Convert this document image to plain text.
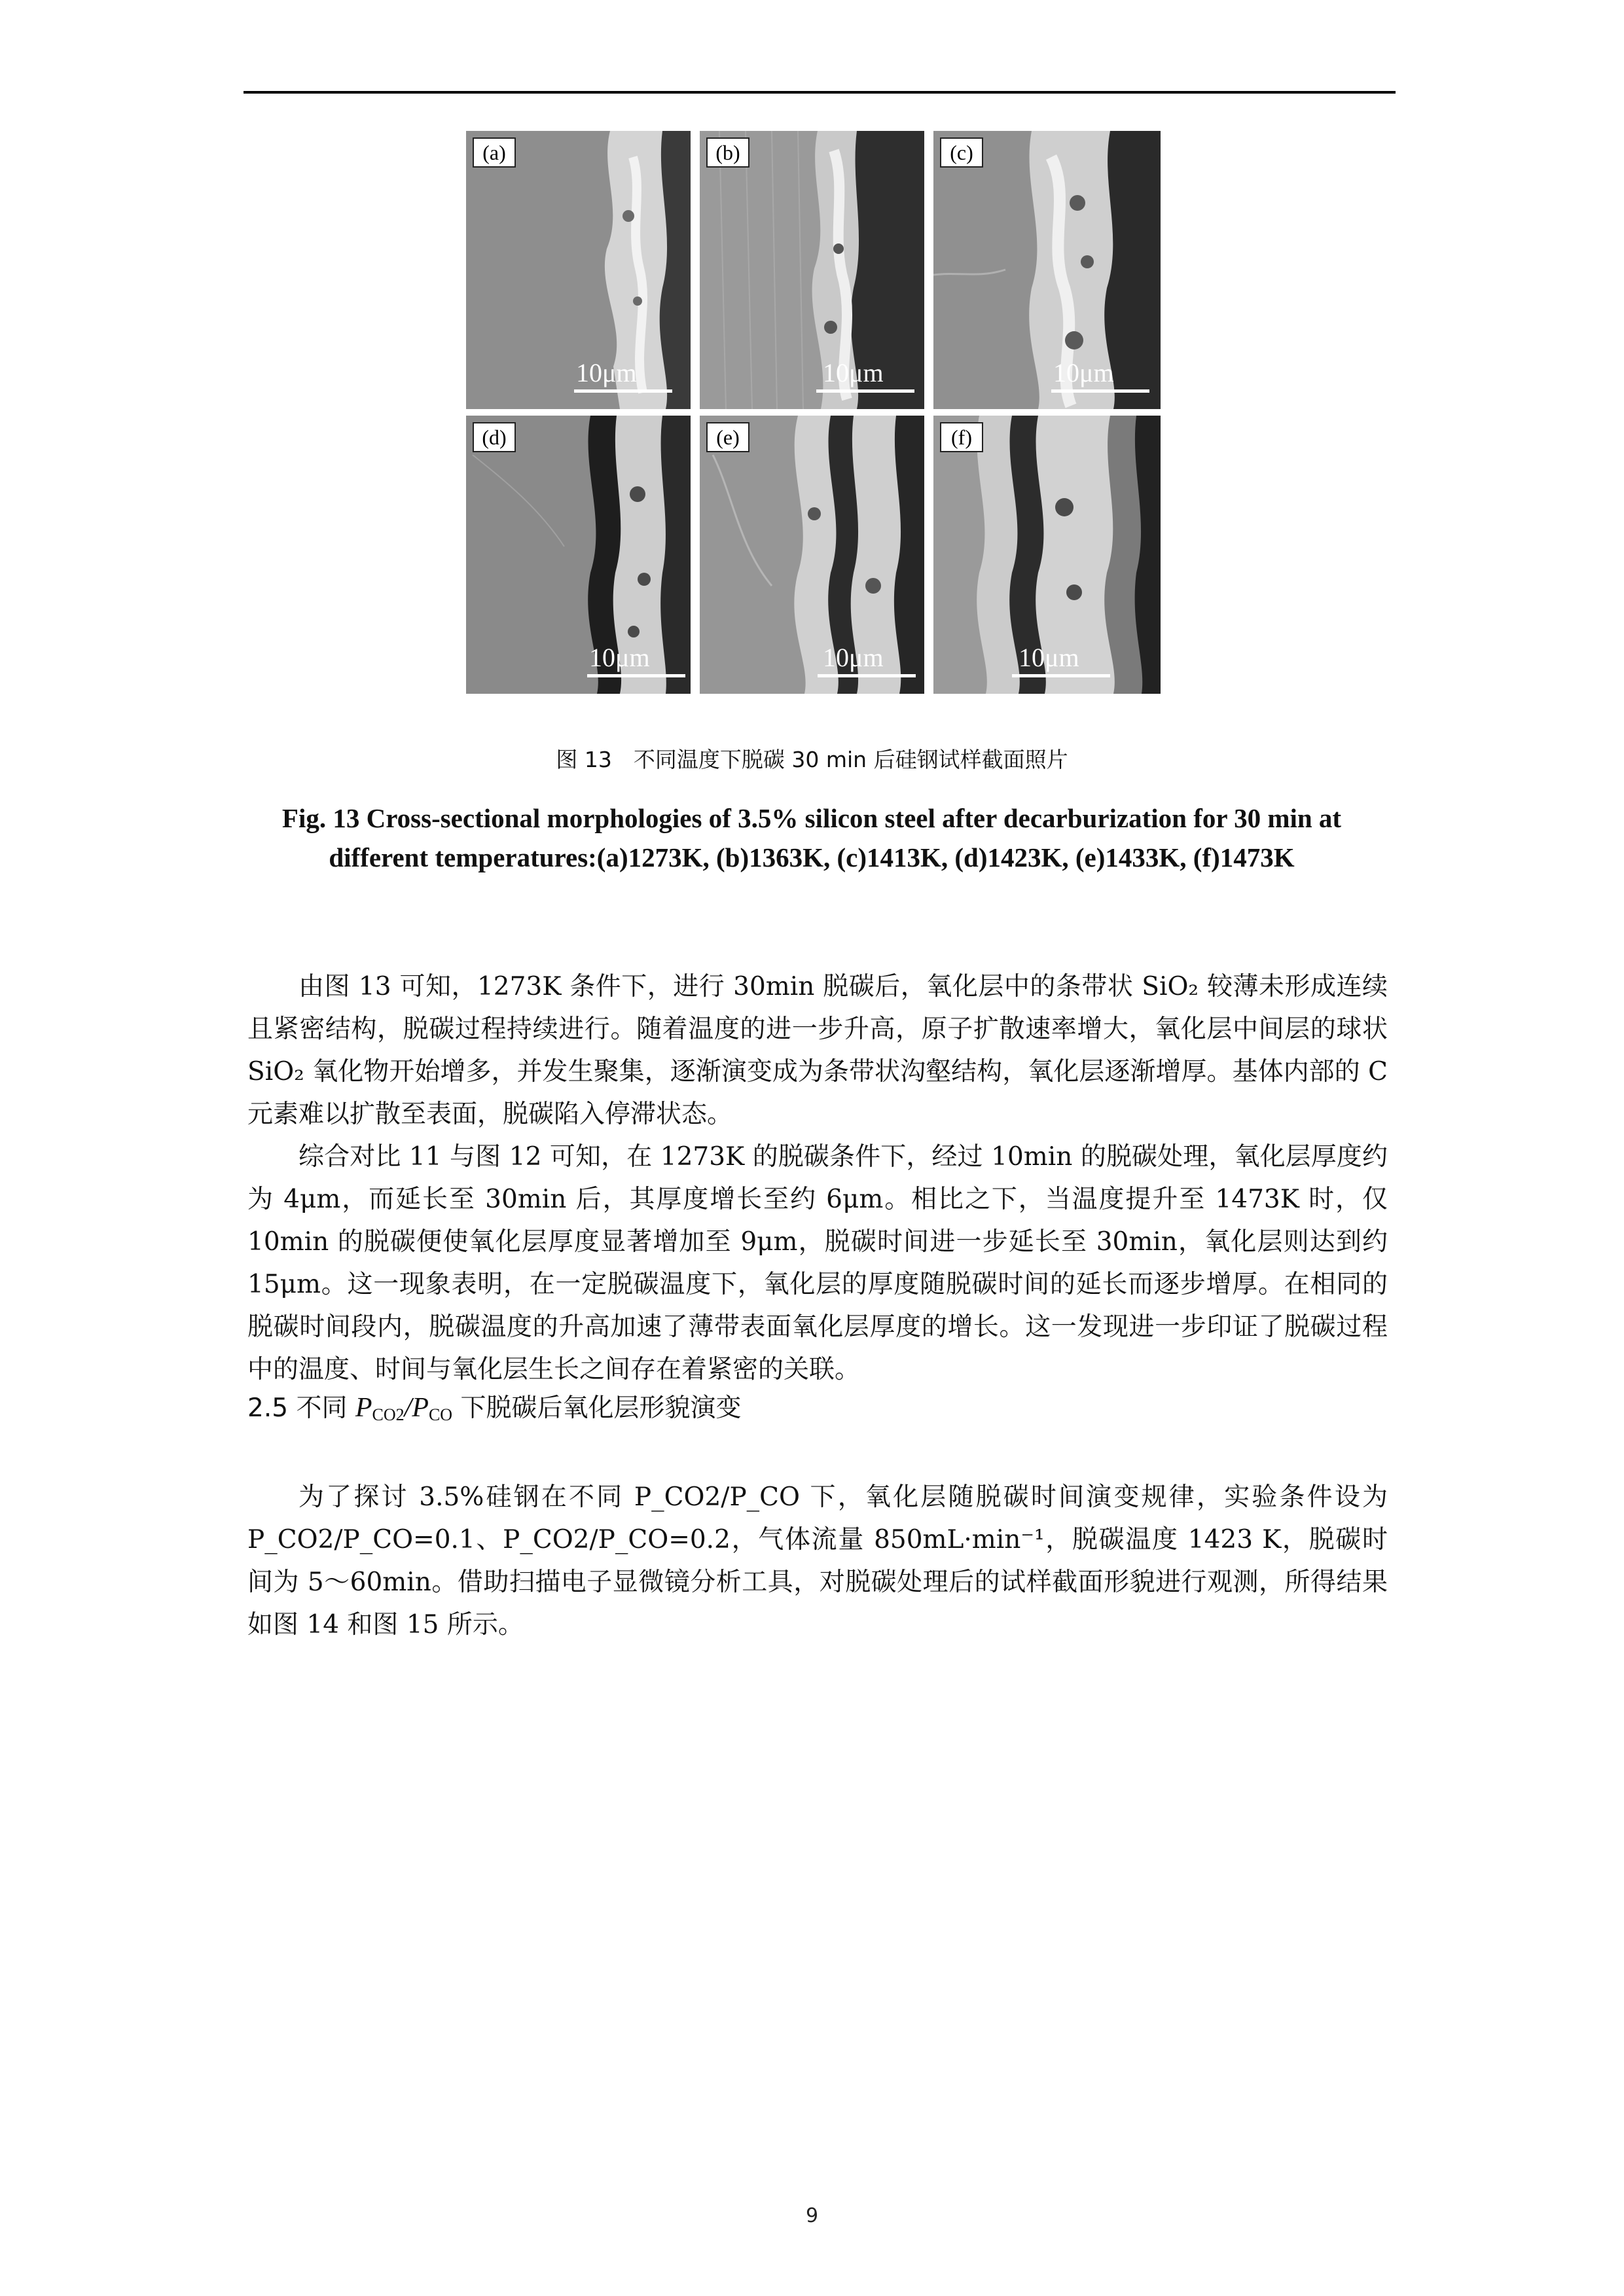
(a)
10μm
(b)
10μm
(c)
10μm
(d)
10μm
(e)
10μm
(f)
10μm
图 13　不同温度下脱碳 30 min 后硅钢试样截面照片
Fig. 13 Cross-sectional morphologies of 3.5% silicon steel after decarburization for 30 min at different temperatures:(a)1273K, (b)1363K, (c)1413K, (d)1423K, (e)1433K, (f)1473K

由图 13 可知，1273K 条件下，进行 30min 脱碳后，氧化层中的条带状 SiO₂ 较薄未形成连续且紧密结构，脱碳过程持续进行。随着温度的进一步升高，原子扩散速率增大，氧化层中间层的球状 SiO₂ 氧化物开始增多，并发生聚集，逐渐演变成为条带状沟壑结构，氧化层逐渐增厚。基体内部的 C 元素难以扩散至表面，脱碳陷入停滞状态。

综合对比 11 与图 12 可知，在 1273K 的脱碳条件下，经过 10min 的脱碳处理，氧化层厚度约为 4μm，而延长至 30min 后，其厚度增长至约 6μm。相比之下，当温度提升至 1473K 时，仅 10min 的脱碳便使氧化层厚度显著增加至 9μm，脱碳时间进一步延长至 30min，氧化层则达到约 15μm。这一现象表明，在一定脱碳温度下，氧化层的厚度随脱碳时间的延长而逐步增厚。在相同的脱碳时间段内，脱碳温度的升高加速了薄带表面氧化层厚度的增长。这一发现进一步印证了脱碳过程中的温度、时间与氧化层生长之间存在着紧密的关联。

2.5 不同 $P_{CO2}/P_{CO}$ 下脱碳后氧化层形貌演变

为了探讨 3.5%硅钢在不同 P_CO2/P_CO 下，氧化层随脱碳时间演变规律，实验条件设为 P_CO2/P_CO=0.1、P_CO2/P_CO=0.2，气体流量 850mL·min⁻¹，脱碳温度 1423 K，脱碳时间为 5～60min。借助扫描电子显微镜分析工具，对脱碳处理后的试样截面形貌进行观测，所得结果如图 14 和图 15 所示。

9
